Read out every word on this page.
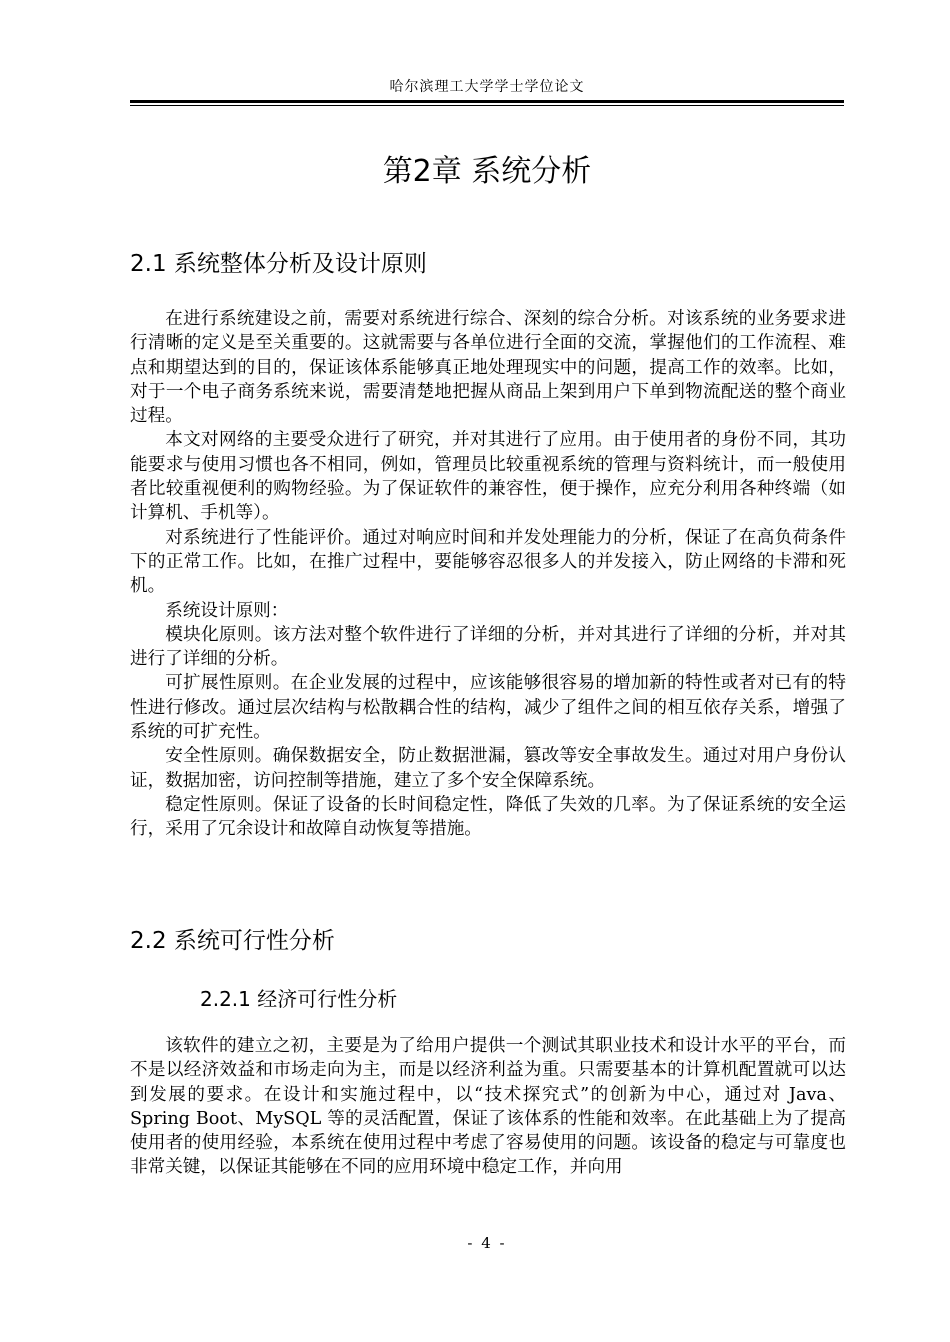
哈尔滨理工大学学士学位论文
第2章 系统分析
2.1 系统整体分析及设计原则

在进行系统建设之前，需要对系统进行综合、深刻的综合分析。对该系统的业务要求进行清晰的定义是至关重要的。这就需要与各单位进行全面的交流，掌握他们的工作流程、难点和期望达到的目的，保证该体系能够真正地处理现实中的问题，提高工作的效率。比如，对于一个电子商务系统来说，需要清楚地把握从商品上架到用户下单到物流配送的整个商业过程。

本文对网络的主要受众进行了研究，并对其进行了应用。由于使用者的身份不同，其功能要求与使用习惯也各不相同，例如，管理员比较重视系统的管理与资料统计，而一般使用者比较重视便利的购物经验。为了保证软件的兼容性，便于操作，应充分利用各种终端（如计算机、手机等）。

对系统进行了性能评价。通过对响应时间和并发处理能力的分析，保证了在高负荷条件下的正常工作。比如，在推广过程中，要能够容忍很多人的并发接入，防止网络的卡滞和死机。

系统设计原则：

模块化原则。该方法对整个软件进行了详细的分析，并对其进行了详细的分析，并对其进行了详细的分析。

可扩展性原则。在企业发展的过程中，应该能够很容易的增加新的特性或者对已有的特性进行修改。通过层次结构与松散耦合性的结构，减少了组件之间的相互依存关系，增强了系统的可扩充性。

安全性原则。确保数据安全，防止数据泄漏，篡改等安全事故发生。通过对用户身份认证，数据加密，访问控制等措施，建立了多个安全保障系统。

稳定性原则。保证了设备的长时间稳定性，降低了失效的几率。为了保证系统的安全运行，采用了冗余设计和故障自动恢复等措施。

2.2 系统可行性分析
2.2.1 经济可行性分析

该软件的建立之初，主要是为了给用户提供一个测试其职业技术和设计水平的平台，而不是以经济效益和市场走向为主，而是以经济利益为重。只需要基本的计算机配置就可以达到发展的要求。在设计和实施过程中，以“技术探究式”的创新为中心，通过对 Java、Spring Boot、MySQL 等的灵活配置，保证了该体系的性能和效率。在此基础上为了提高使用者的使用经验，本系统在使用过程中考虑了容易使用的问题。该设备的稳定与可靠度也非常关键，以保证其能够在不同的应用环境中稳定工作，并向用

- 4 -
